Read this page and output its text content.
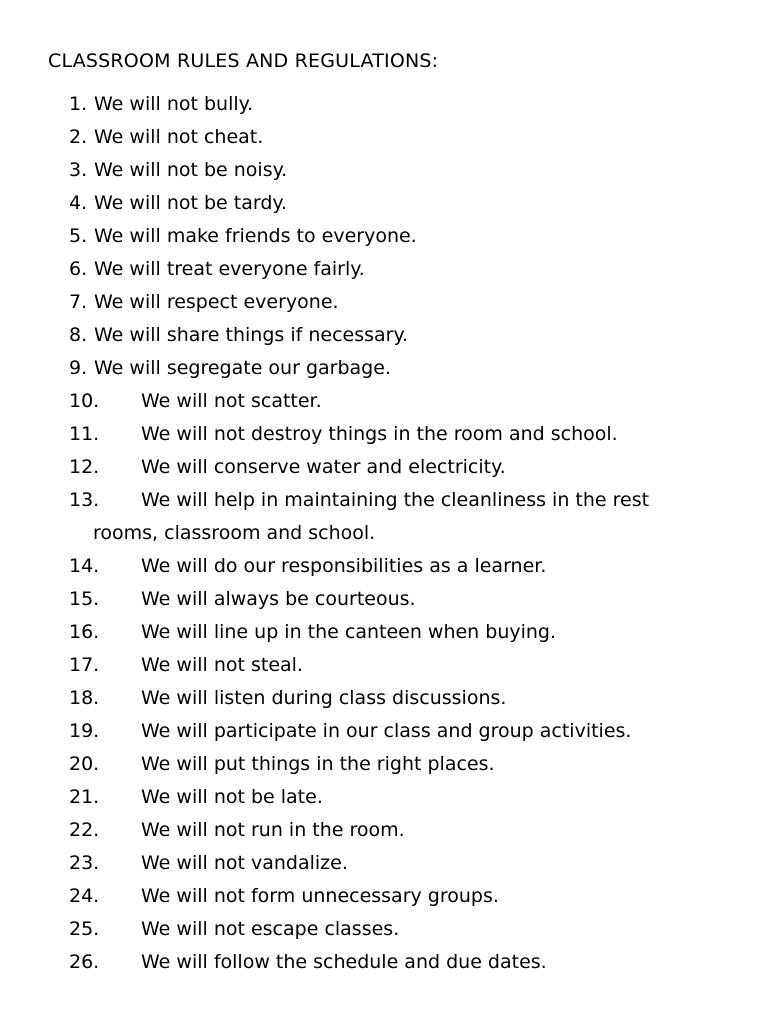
CLASSROOM RULES AND REGULATIONS:
1. We will not bully.
2. We will not cheat.
3. We will not be noisy.
4. We will not be tardy.
5. We will make friends to everyone.
6. We will treat everyone fairly.
7. We will respect everyone.
8. We will share things if necessary.
9. We will segregate our garbage.
10. We will not scatter.
11. We will not destroy things in the room and school.
12. We will conserve water and electricity.
13. We will help in maintaining the cleanliness in the rest
rooms, classroom and school.
14. We will do our responsibilities as a learner.
15. We will always be courteous.
16. We will line up in the canteen when buying.
17. We will not steal.
18. We will listen during class discussions.
19. We will participate in our class and group activities.
20. We will put things in the right places.
21. We will not be late.
22. We will not run in the room.
23. We will not vandalize.
24. We will not form unnecessary groups.
25. We will not escape classes.
26. We will follow the schedule and due dates.
